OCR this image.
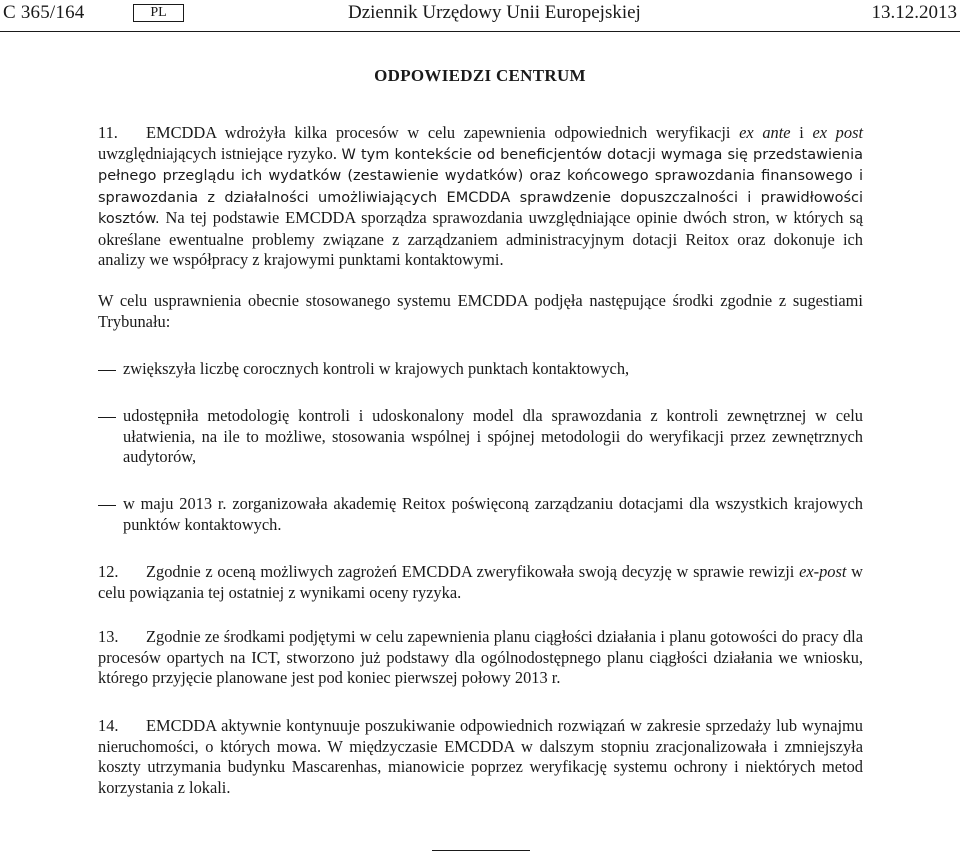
C 365/164	PL	Dziennik Urzędowy Unii Europejskiej	13.12.2013
ODPOWIEDZI CENTRUM

11. EMCDDA wdrożyła kilka procesów w celu zapewnienia odpowiednich weryfikacji ex ante i ex post uwzględniających istniejące ryzyko. W tym kontekście od beneficjentów dotacji wymaga się przedstawienia pełnego przeglądu ich wydatków (zestawienie wydatków) oraz końcowego sprawozdania finansowego i sprawozdania z działalności umożliwiających EMCDDA sprawdzenie dopuszczalności i prawidłowości kosztów. Na tej podstawie EMCDDA sporządza sprawozdania uwzględniające opinie dwóch stron, w których są określane ewentualne problemy związane z zarządzaniem administracyjnym dotacji Reitox oraz dokonuje ich analizy we współpracy z krajowymi punktami kontaktowymi.

W celu usprawnienia obecnie stosowanego systemu EMCDDA podjęła następujące środki zgodnie z sugestiami Trybunału:

zwiększyła liczbę corocznych kontroli w krajowych punktach kontaktowych,
udostępniła metodologię kontroli i udoskonalony model dla sprawozdania z kontroli zewnętrznej w celu ułatwienia, na ile to możliwe, stosowania wspólnej i spójnej metodologii do weryfikacji przez zewnętrznych audytorów,
w maju 2013 r. zorganizowała akademię Reitox poświęconą zarządzaniu dotacjami dla wszystkich krajowych punktów kontaktowych.

12. Zgodnie z oceną możliwych zagrożeń EMCDDA zweryfikowała swoją decyzję w sprawie rewizji ex-post w celu powiązania tej ostatniej z wynikami oceny ryzyka.

13. Zgodnie ze środkami podjętymi w celu zapewnienia planu ciągłości działania i planu gotowości do pracy dla procesów opartych na ICT, stworzono już podstawy dla ogólnodostępnego planu ciągłości działania we wniosku, którego przyjęcie planowane jest pod koniec pierwszej połowy 2013 r.

14. EMCDDA aktywnie kontynuuje poszukiwanie odpowiednich rozwiązań w zakresie sprzedaży lub wynajmu nieruchomości, o których mowa. W międzyczasie EMCDDA w dalszym stopniu zracjonalizowała i zmniejszyła koszty utrzymania budynku Mascarenhas, mianowicie poprzez weryfikację systemu ochrony i niektórych metod korzystania z lokali.
